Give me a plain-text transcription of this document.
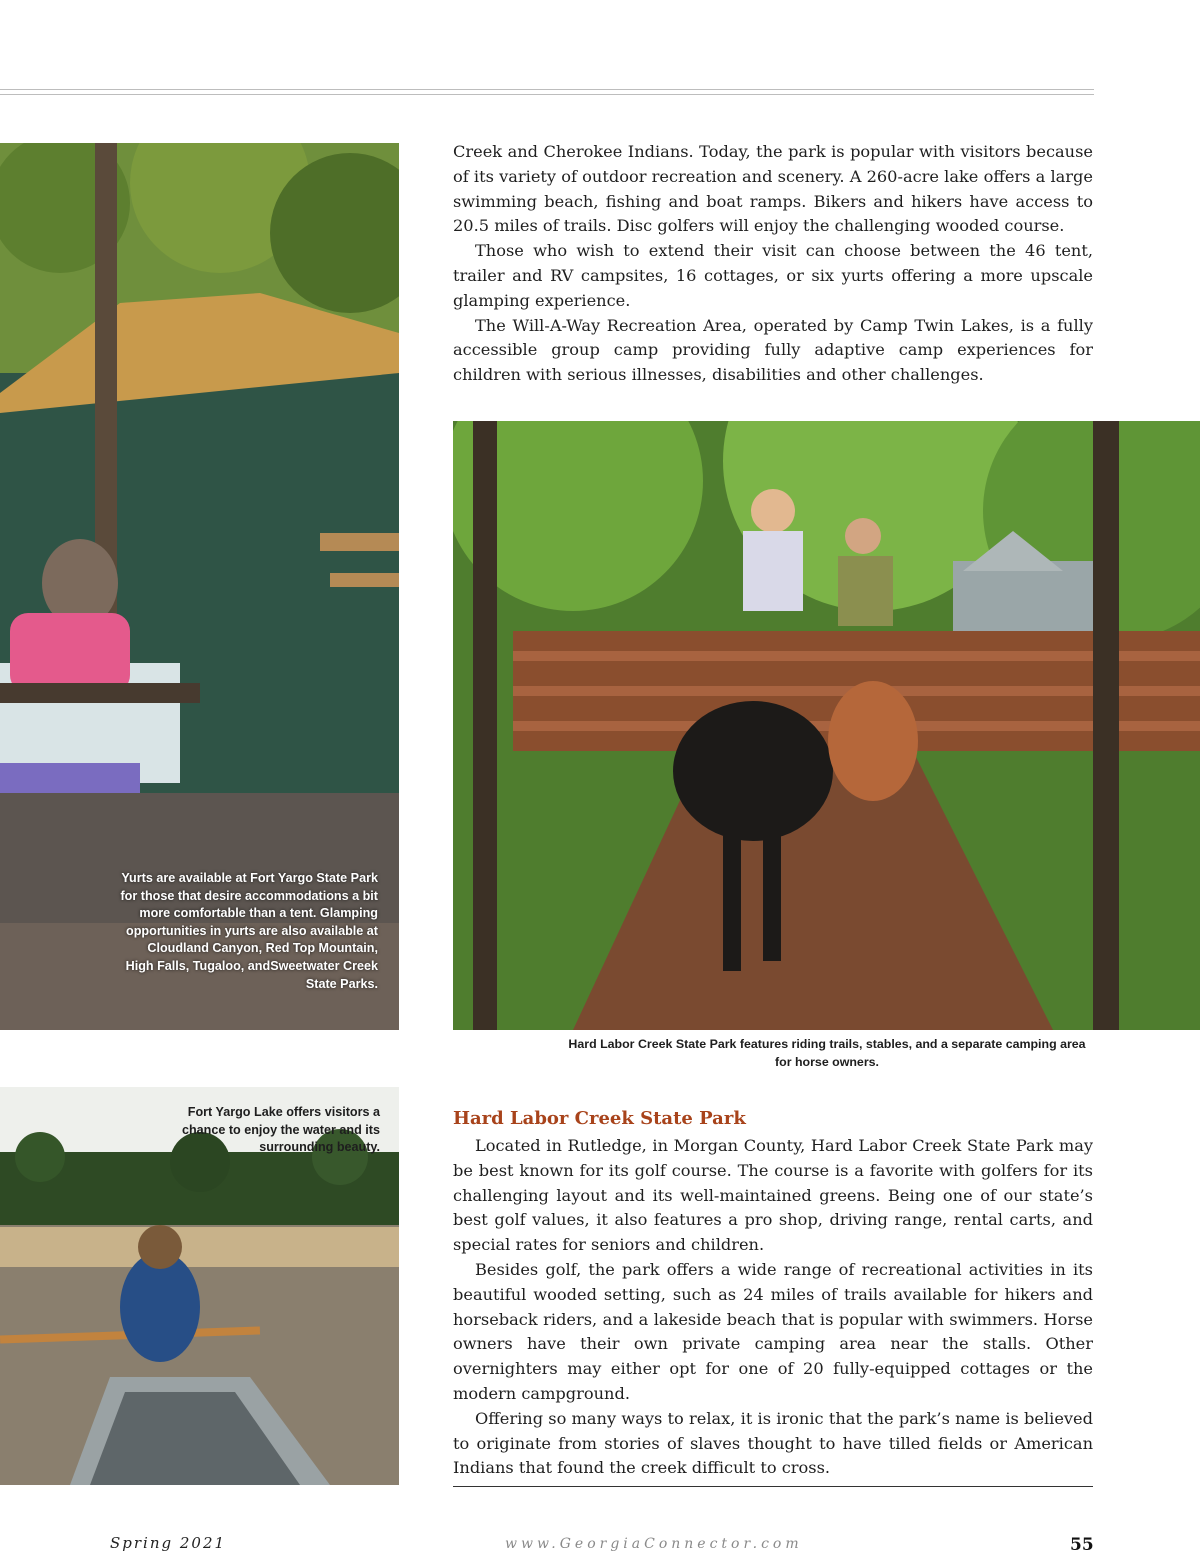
Yurts are available at Fort Yargo State Park for those that desire accommodations a bit more comfortable than a tent. Glamping opportunities in yurts are also available at Cloudland Canyon, Red Top Mountain, High Falls, Tugaloo, andSweetwater Creek State Parks.

Creek and Cherokee Indians. Today, the park is popular with visitors because of its variety of outdoor recreation and scenery. A 260-acre lake offers a large swimming beach, fishing and boat ramps. Bikers and hikers have access to 20.5 miles of trails. Disc golfers will enjoy the challenging wooded course.

Those who wish to extend their visit can choose between the 46 tent, trailer and RV campsites, 16 cottages, or six yurts offering a more upscale glamping experience.

The Will-A-Way Recreation Area, operated by Camp Twin Lakes, is a fully accessible group camp providing fully adaptive camp experiences for children with serious illnesses, disabilities and other challenges.

Hard Labor Creek State Park features riding trails, stables, and a separate camping area for horse owners.
Fort Yargo Lake offers visitors a chance to enjoy the water and its surrounding beauty.
Hard Labor Creek State Park

Located in Rutledge, in Morgan County, Hard Labor Creek State Park may be best known for its golf course. The course is a favorite with golfers for its challenging layout and its well-maintained greens. Being one of our state’s best golf values, it also features a pro shop, driving range, rental carts, and special rates for seniors and children.

Besides golf, the park offers a wide range of recreational activities in its beautiful wooded setting, such as 24 miles of trails available for hikers and horseback riders, and a lakeside beach that is popular with swimmers. Horse owners have their own private camping area near the stalls. Other overnighters may either opt for one of 20 fully-equipped cottages or the modern campground.

Offering so many ways to relax, it is ironic that the park’s name is believed to originate from stories of slaves thought to have tilled fields or American Indians that found the creek difficult to cross.

Spring 2021	www.GeorgiaConnector.com	55
